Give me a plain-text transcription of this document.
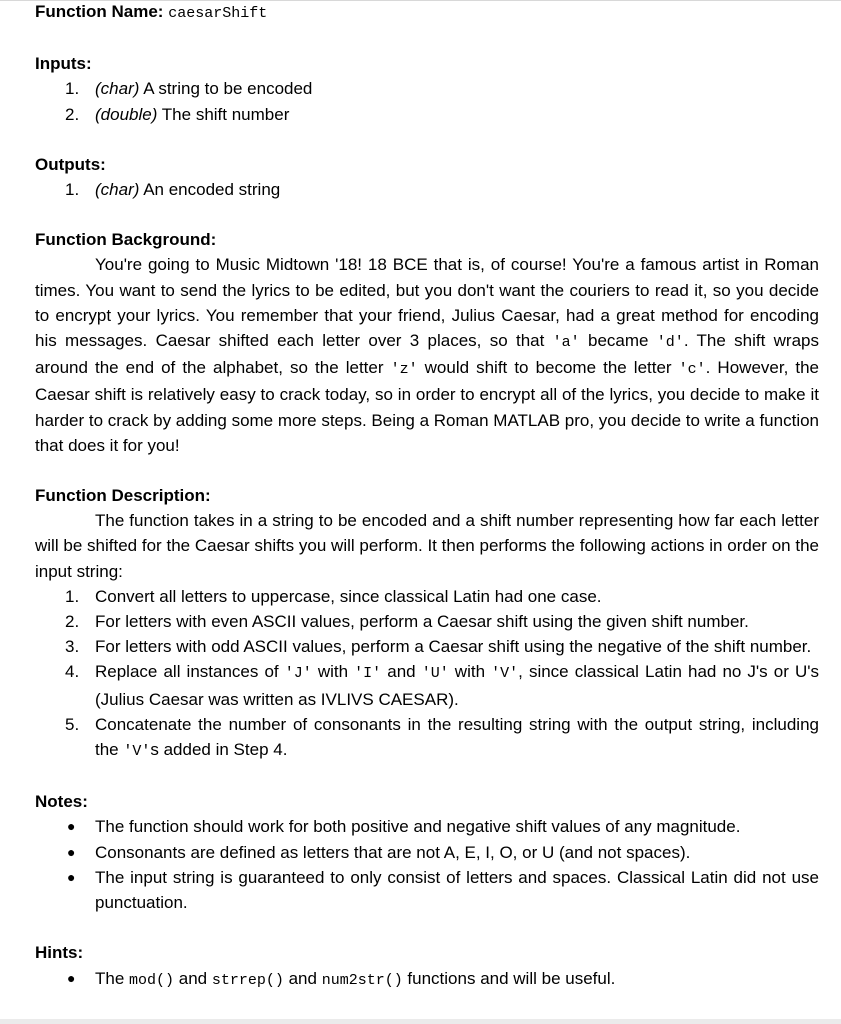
Function Name: caesarShift
Inputs:
1. (char) A string to be encoded
2. (double) The shift number
Outputs:
1. (char) An encoded string
Function Background:

You're going to Music Midtown '18! 18 BCE that is, of course! You're a famous artist in Roman times. You want to send the lyrics to be edited, but you don't want the couriers to read it, so you decide to encrypt your lyrics. You remember that your friend, Julius Caesar, had a great method for encoding his messages. Caesar shifted each letter over 3 places, so that 'a' became 'd'. The shift wraps around the end of the alphabet, so the letter 'z' would shift to become the letter 'c'. However, the Caesar shift is relatively easy to crack today, so in order to encrypt all of the lyrics, you decide to make it harder to crack by adding some more steps. Being a Roman MATLAB pro, you decide to write a function that does it for you!

Function Description:

The function takes in a string to be encoded and a shift number representing how far each letter will be shifted for the Caesar shifts you will perform. It then performs the following actions in order on the input string:

1. Convert all letters to uppercase, since classical Latin had one case.
2. For letters with even ASCII values, perform a Caesar shift using the given shift number.
3. For letters with odd ASCII values, perform a Caesar shift using the negative of the shift number.
4. Replace all instances of 'J' with 'I' and 'U' with 'V', since classical Latin had no J's or U's (Julius Caesar was written as IVLIVS CAESAR).
5. Concatenate the number of consonants in the resulting string with the output string, including the 'V's added in Step 4.
Notes:
● The function should work for both positive and negative shift values of any magnitude.
● Consonants are defined as letters that are not A, E, I, O, or U (and not spaces).
● The input string is guaranteed to only consist of letters and spaces. Classical Latin did not use punctuation.
Hints:
● The mod() and strrep() and num2str() functions and will be useful.
